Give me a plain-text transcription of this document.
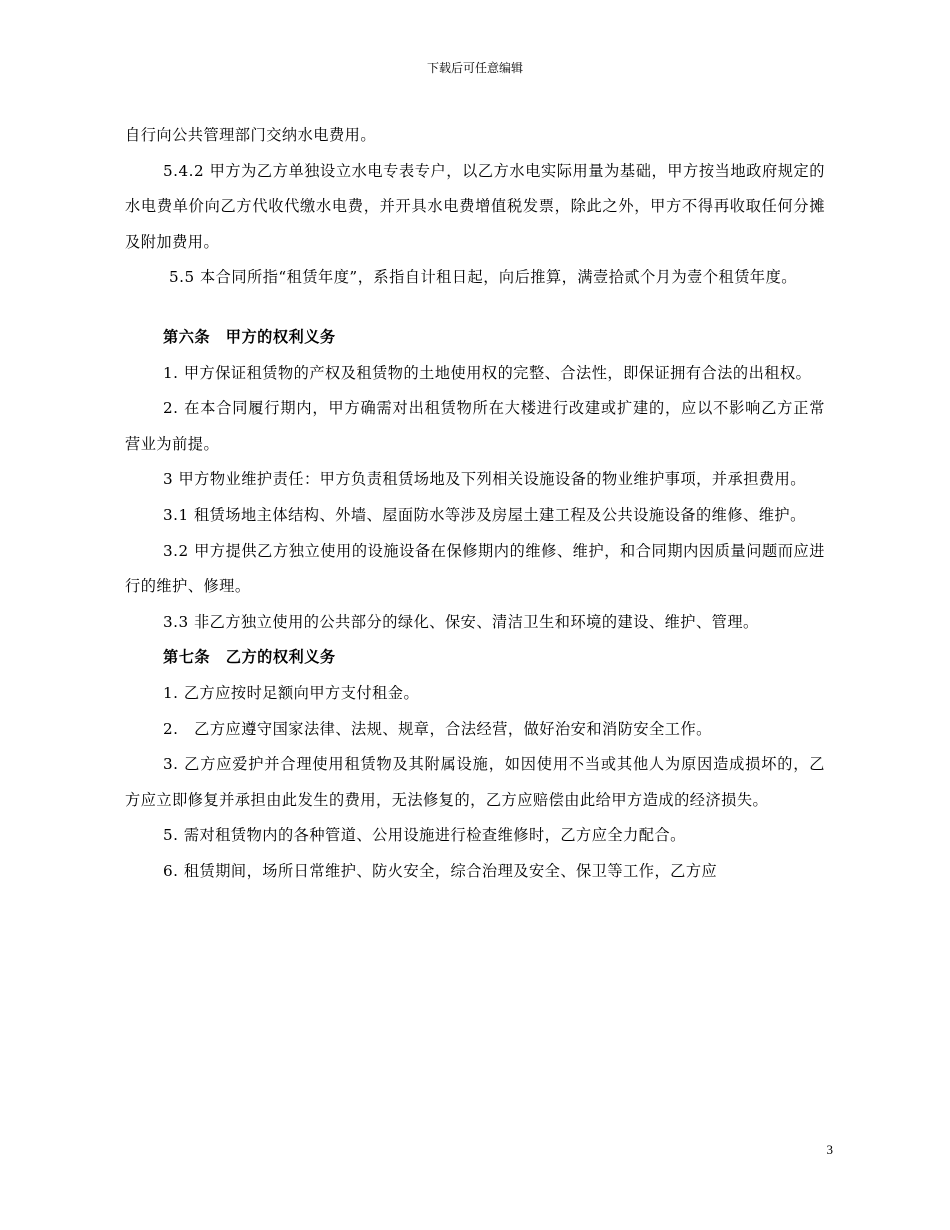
下载后可任意编辑

自行向公共管理部门交纳水电费用。

5.4.2 甲方为乙方单独设立水电专表专户，以乙方水电实际用量为基础，甲方按当地政府规定的水电费单价向乙方代收代缴水电费，并开具水电费增值税发票，除此之外，甲方不得再收取任何分摊及附加费用。

5.5 本合同所指“租赁年度”，系指自计租日起，向后推算，满壹拾贰个月为壹个租赁年度。

第六条　甲方的权利义务

1. 甲方保证租赁物的产权及租赁物的土地使用权的完整、合法性，即保证拥有合法的出租权。

2. 在本合同履行期内，甲方确需对出租赁物所在大楼进行改建或扩建的，应以不影响乙方正常营业为前提。

3 甲方物业维护责任：甲方负责租赁场地及下列相关设施设备的物业维护事项，并承担费用。

3.1 租赁场地主体结构、外墙、屋面防水等涉及房屋土建工程及公共设施设备的维修、维护。

3.2 甲方提供乙方独立使用的设施设备在保修期内的维修、维护，和合同期内因质量问题而应进行的维护、修理。

3.3 非乙方独立使用的公共部分的绿化、保安、清洁卫生和环境的建设、维护、管理。

第七条　乙方的权利义务

1. 乙方应按时足额向甲方支付租金。

2.　乙方应遵守国家法律、法规、规章，合法经营，做好治安和消防安全工作。

3. 乙方应爱护并合理使用租赁物及其附属设施，如因使用不当或其他人为原因造成损坏的，乙方应立即修复并承担由此发生的费用，无法修复的，乙方应赔偿由此给甲方造成的经济损失。

5. 需对租赁物内的各种管道、公用设施进行检查维修时，乙方应全力配合。

6. 租赁期间，场所日常维护、防火安全，综合治理及安全、保卫等工作，乙方应

3
